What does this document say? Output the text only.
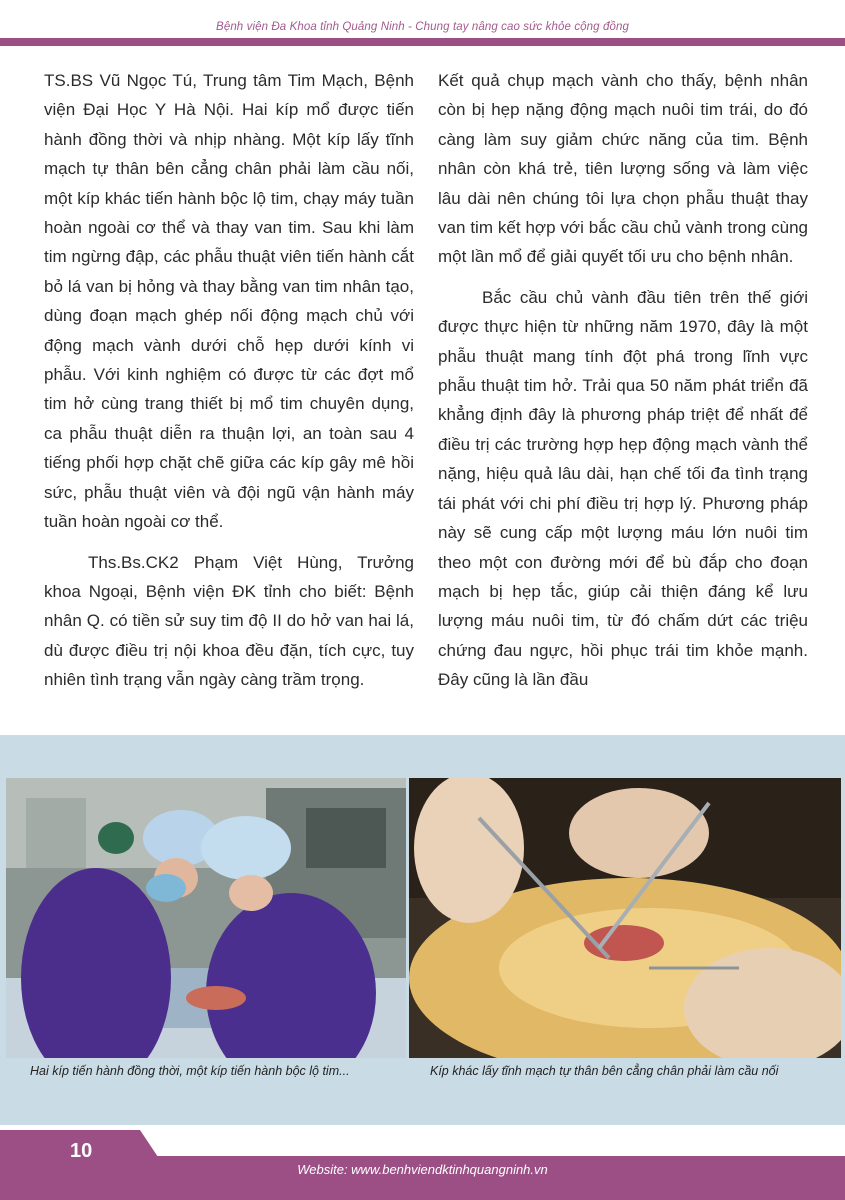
Bệnh viện Đa Khoa tỉnh Quảng Ninh - Chung tay nâng cao sức khỏe cộng đồng

TS.BS Vũ Ngọc Tú, Trung tâm Tim Mạch, Bệnh viện Đại Học Y Hà Nội. Hai kíp mổ được tiến hành đồng thời và nhịp nhàng. Một kíp lấy tĩnh mạch tự thân bên cẳng chân phải làm cầu nối, một kíp khác tiến hành bộc lộ tim, chạy máy tuần hoàn ngoài cơ thể và thay van tim. Sau khi làm tim ngừng đập, các phẫu thuật viên tiến hành cắt bỏ lá van bị hỏng và thay bằng van tim nhân tạo, dùng đoạn mạch ghép nối động mạch chủ với động mạch vành dưới chỗ hẹp dưới kính vi phẫu. Với kinh nghiệm có được từ các đợt mổ tim hở cùng trang thiết bị mổ tim chuyên dụng, ca phẫu thuật diễn ra thuận lợi, an toàn sau 4 tiếng phối hợp chặt chẽ giữa các kíp gây mê hồi sức, phẫu thuật viên và đội ngũ vận hành máy tuần hoàn ngoài cơ thể.

Ths.Bs.CK2 Phạm Việt Hùng, Trưởng khoa Ngoại, Bệnh viện ĐK tỉnh cho biết: Bệnh nhân Q. có tiền sử suy tim độ II do hở van hai lá, dù được điều trị nội khoa đều đặn, tích cực, tuy nhiên tình trạng vẫn ngày càng trầm trọng.

Kết quả chụp mạch vành cho thấy, bệnh nhân còn bị hẹp nặng động mạch nuôi tim trái, do đó càng làm suy giảm chức năng của tim. Bệnh nhân còn khá trẻ, tiên lượng sống và làm việc lâu dài nên chúng tôi lựa chọn phẫu thuật thay van tim kết hợp với bắc cầu chủ vành trong cùng một lần mổ để giải quyết tối ưu cho bệnh nhân.

Bắc cầu chủ vành đầu tiên trên thế giới được thực hiện từ những năm 1970, đây là một phẫu thuật mang tính đột phá trong lĩnh vực phẫu thuật tim hở. Trải qua 50 năm phát triển đã khẳng định đây là phương pháp triệt để nhất để điều trị các trường hợp hẹp động mạch vành thể nặng, hiệu quả lâu dài, hạn chế tối đa tình trạng tái phát với chi phí điều trị hợp lý. Phương pháp này sẽ cung cấp một lượng máu lớn nuôi tim theo một con đường mới để bù đắp cho đoạn mạch bị hẹp tắc, giúp cải thiện đáng kể lưu lượng máu nuôi tim, từ đó chấm dứt các triệu chứng đau ngực, hồi phục trái tim khỏe mạnh. Đây cũng là lần đầu

Hai kíp tiến hành đồng thời, một kíp tiến hành bộc lộ tim...	Kíp khác lấy tĩnh mạch tự thân bên cẳng chân phải làm cầu nối
10
Website: www.benhviendktinhquangninh.vn
